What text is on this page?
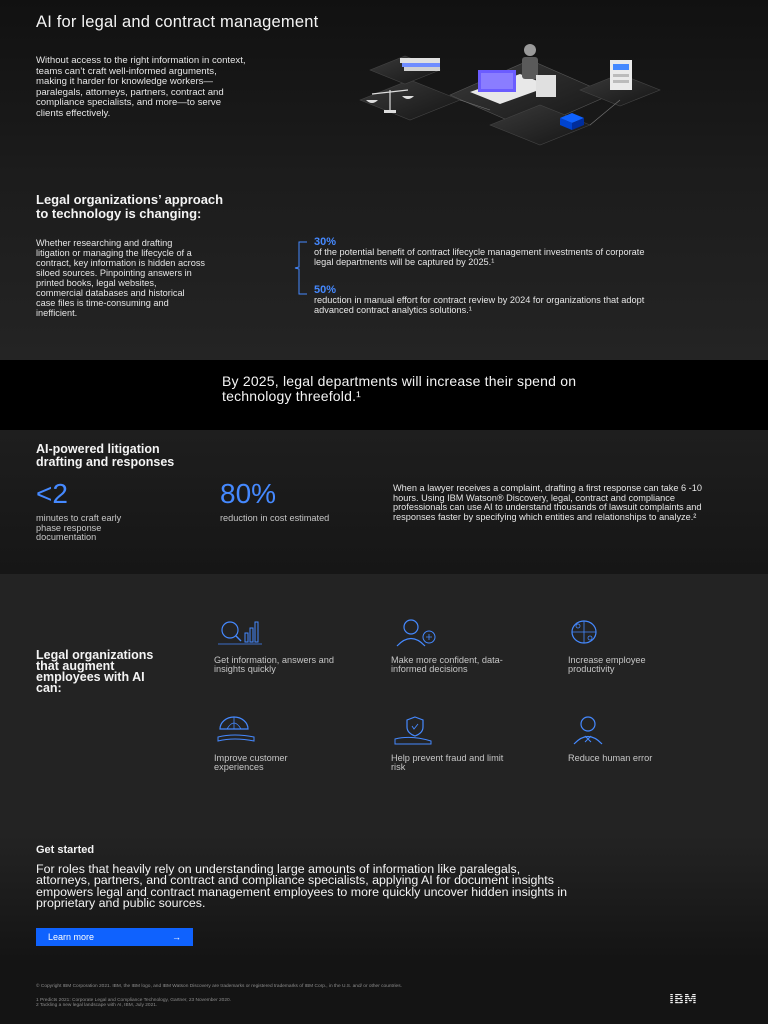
AI for legal and contract management

Without access to the right information in context, teams can’t craft well-informed arguments, making it harder for knowledge workers—paralegals, attorneys, partners, contract and compliance specialists, and more—to serve clients effectively.

Legal organizations’ approach to technology is changing:

Whether researching and drafting litigation or managing the lifecycle of a contract, key information is hidden across siloed sources. Pinpointing answers in printed books, legal websites, commercial databases and historical case files is time-consuming and inefficient.

30%
of the potential benefit of contract lifecycle management investments of corporate legal departments will be captured by 2025.¹
50%
reduction in manual effort for contract review by 2024 for organizations that adopt advanced contract analytics solutions.¹

By 2025, legal departments will increase their spend on technology threefold.¹

AI-powered litigation drafting and responses
<2
minutes to craft early phase response documentation
80%
reduction in cost estimated

When a lawyer receives a complaint, drafting a first response can take 6 -10 hours. Using IBM Watson® Discovery, legal, contract and compliance professionals can use AI to understand thousands of lawsuit complaints and responses faster by specifying which entities and relationships to analyze.²

Legal organizations that augment employees with AI can:
Get information, answers and insights quickly
Make more confident, data-informed decisions
Increase employee productivity
Improve customer experiences
Help prevent fraud and limit risk
Reduce human error
Get started

For roles that heavily rely on understanding large amounts of information like paralegals, attorneys, partners, and contract and compliance specialists, applying AI for document insights empowers legal and contract management employees to more quickly uncover hidden insights in proprietary and public sources.

Learn more	→

© Copyright IBM Corporation 2021. IBM, the IBM logo, and IBM Watson Discovery are trademarks or registered trademarks of IBM Corp., in the U.S. and/ or other countries.

1 Predicts 2021: Corporate Legal and Compliance Technology, Gartner, 23 November 2020.
2 Tackling a new legal landscape with AI, IBM, July 2021.	IBM
